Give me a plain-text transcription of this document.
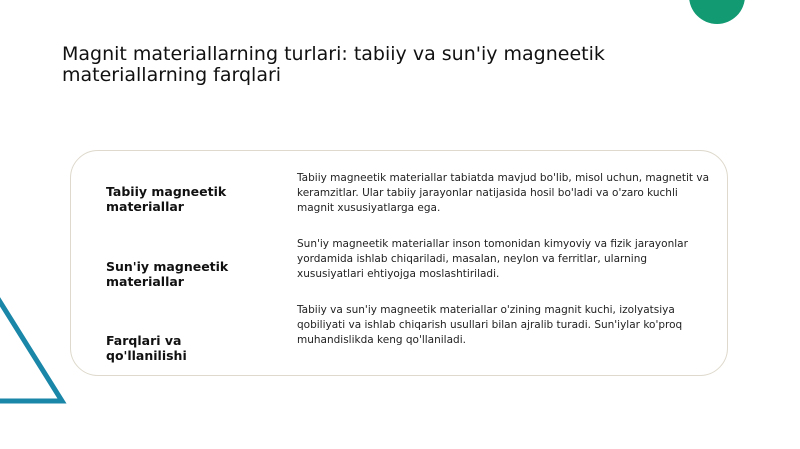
Magnit materiallarning turlari: tabiiy va sun'iy magneetik materiallarning farqlari
Tabiiy magneetik materiallar
Tabiiy magneetik materiallar tabiatda mavjud bo'lib, misol uchun, magnetit va keramzitlar. Ular tabiiy jarayonlar natijasida hosil bo'ladi va o'zaro kuchli magnit xususiyatlarga ega.
Sun'iy magneetik materiallar
Sun'iy magneetik materiallar inson tomonidan kimyoviy va fizik jarayonlar yordamida ishlab chiqariladi, masalan, neylon va ferritlar, ularning xususiyatlari ehtiyojga moslashtiriladi.
Farqlari va qo'llanilishi
Tabiiy va sun'iy magneetik materiallar o'zining magnit kuchi, izolyatsiya qobiliyati va ishlab chiqarish usullari bilan ajralib turadi. Sun'iylar ko'proq muhandislikda keng qo'llaniladi.
